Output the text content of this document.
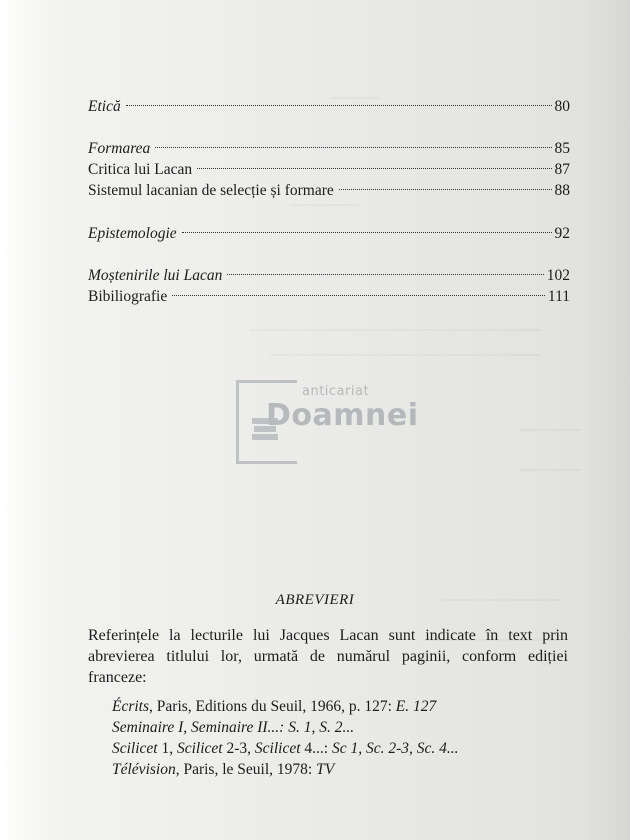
Etică	80
Formarea	85
Critica lui Lacan	87
Sistemul lacanian de selecție și formare	88
Epistemologie	92
Moștenirile lui Lacan	102
Bibiliografie	111
anticariat
Doamnei
ABREVIERI
Referințele la lecturile lui Jacques Lacan sunt indicate în text prin abrevierea titlului lor, urmată de numărul paginii, conform ediției franceze:
Écrits, Paris, Editions du Seuil, 1966, p. 127: E. 127
Seminaire I, Seminaire II...: S. 1, S. 2...
Scilicet 1, Scilicet 2-3, Scilicet 4...: Sc 1, Sc. 2-3, Sc. 4...
Télévision, Paris, le Seuil, 1978: TV
